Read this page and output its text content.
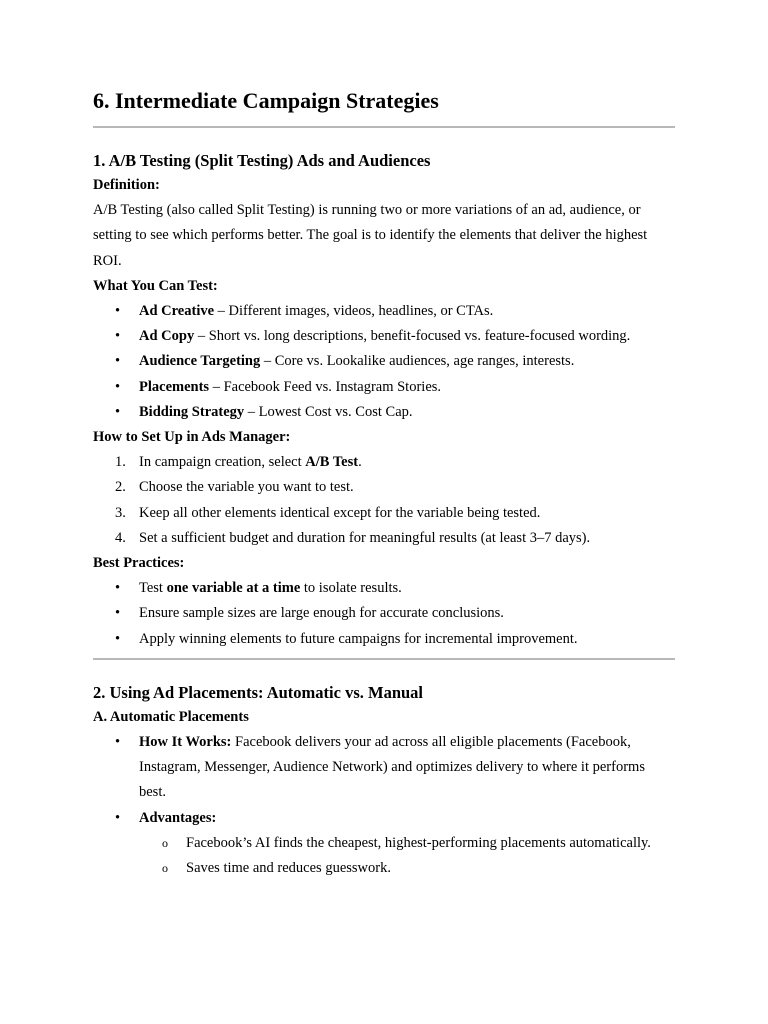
6. Intermediate Campaign Strategies
1. A/B Testing (Split Testing) Ads and Audiences
Definition:

A/B Testing (also called Split Testing) is running two or more variations of an ad, audience, or setting to see which performs better. The goal is to identify the elements that deliver the highest ROI.

What You Can Test:
• Ad Creative – Different images, videos, headlines, or CTAs.
• Ad Copy – Short vs. long descriptions, benefit-focused vs. feature-focused wording.
• Audience Targeting – Core vs. Lookalike audiences, age ranges, interests.
• Placements – Facebook Feed vs. Instagram Stories.
• Bidding Strategy – Lowest Cost vs. Cost Cap.
How to Set Up in Ads Manager:
1. In campaign creation, select A/B Test.
2. Choose the variable you want to test.
3. Keep all other elements identical except for the variable being tested.
4. Set a sufficient budget and duration for meaningful results (at least 3–7 days).
Best Practices:
• Test one variable at a time to isolate results.
• Ensure sample sizes are large enough for accurate conclusions.
• Apply winning elements to future campaigns for incremental improvement.
2. Using Ad Placements: Automatic vs. Manual
A. Automatic Placements
• How It Works: Facebook delivers your ad across all eligible placements (Facebook, Instagram, Messenger, Audience Network) and optimizes delivery to where it performs best.
• Advantages:
o Facebook’s AI finds the cheapest, highest-performing placements automatically.
o Saves time and reduces guesswork.
